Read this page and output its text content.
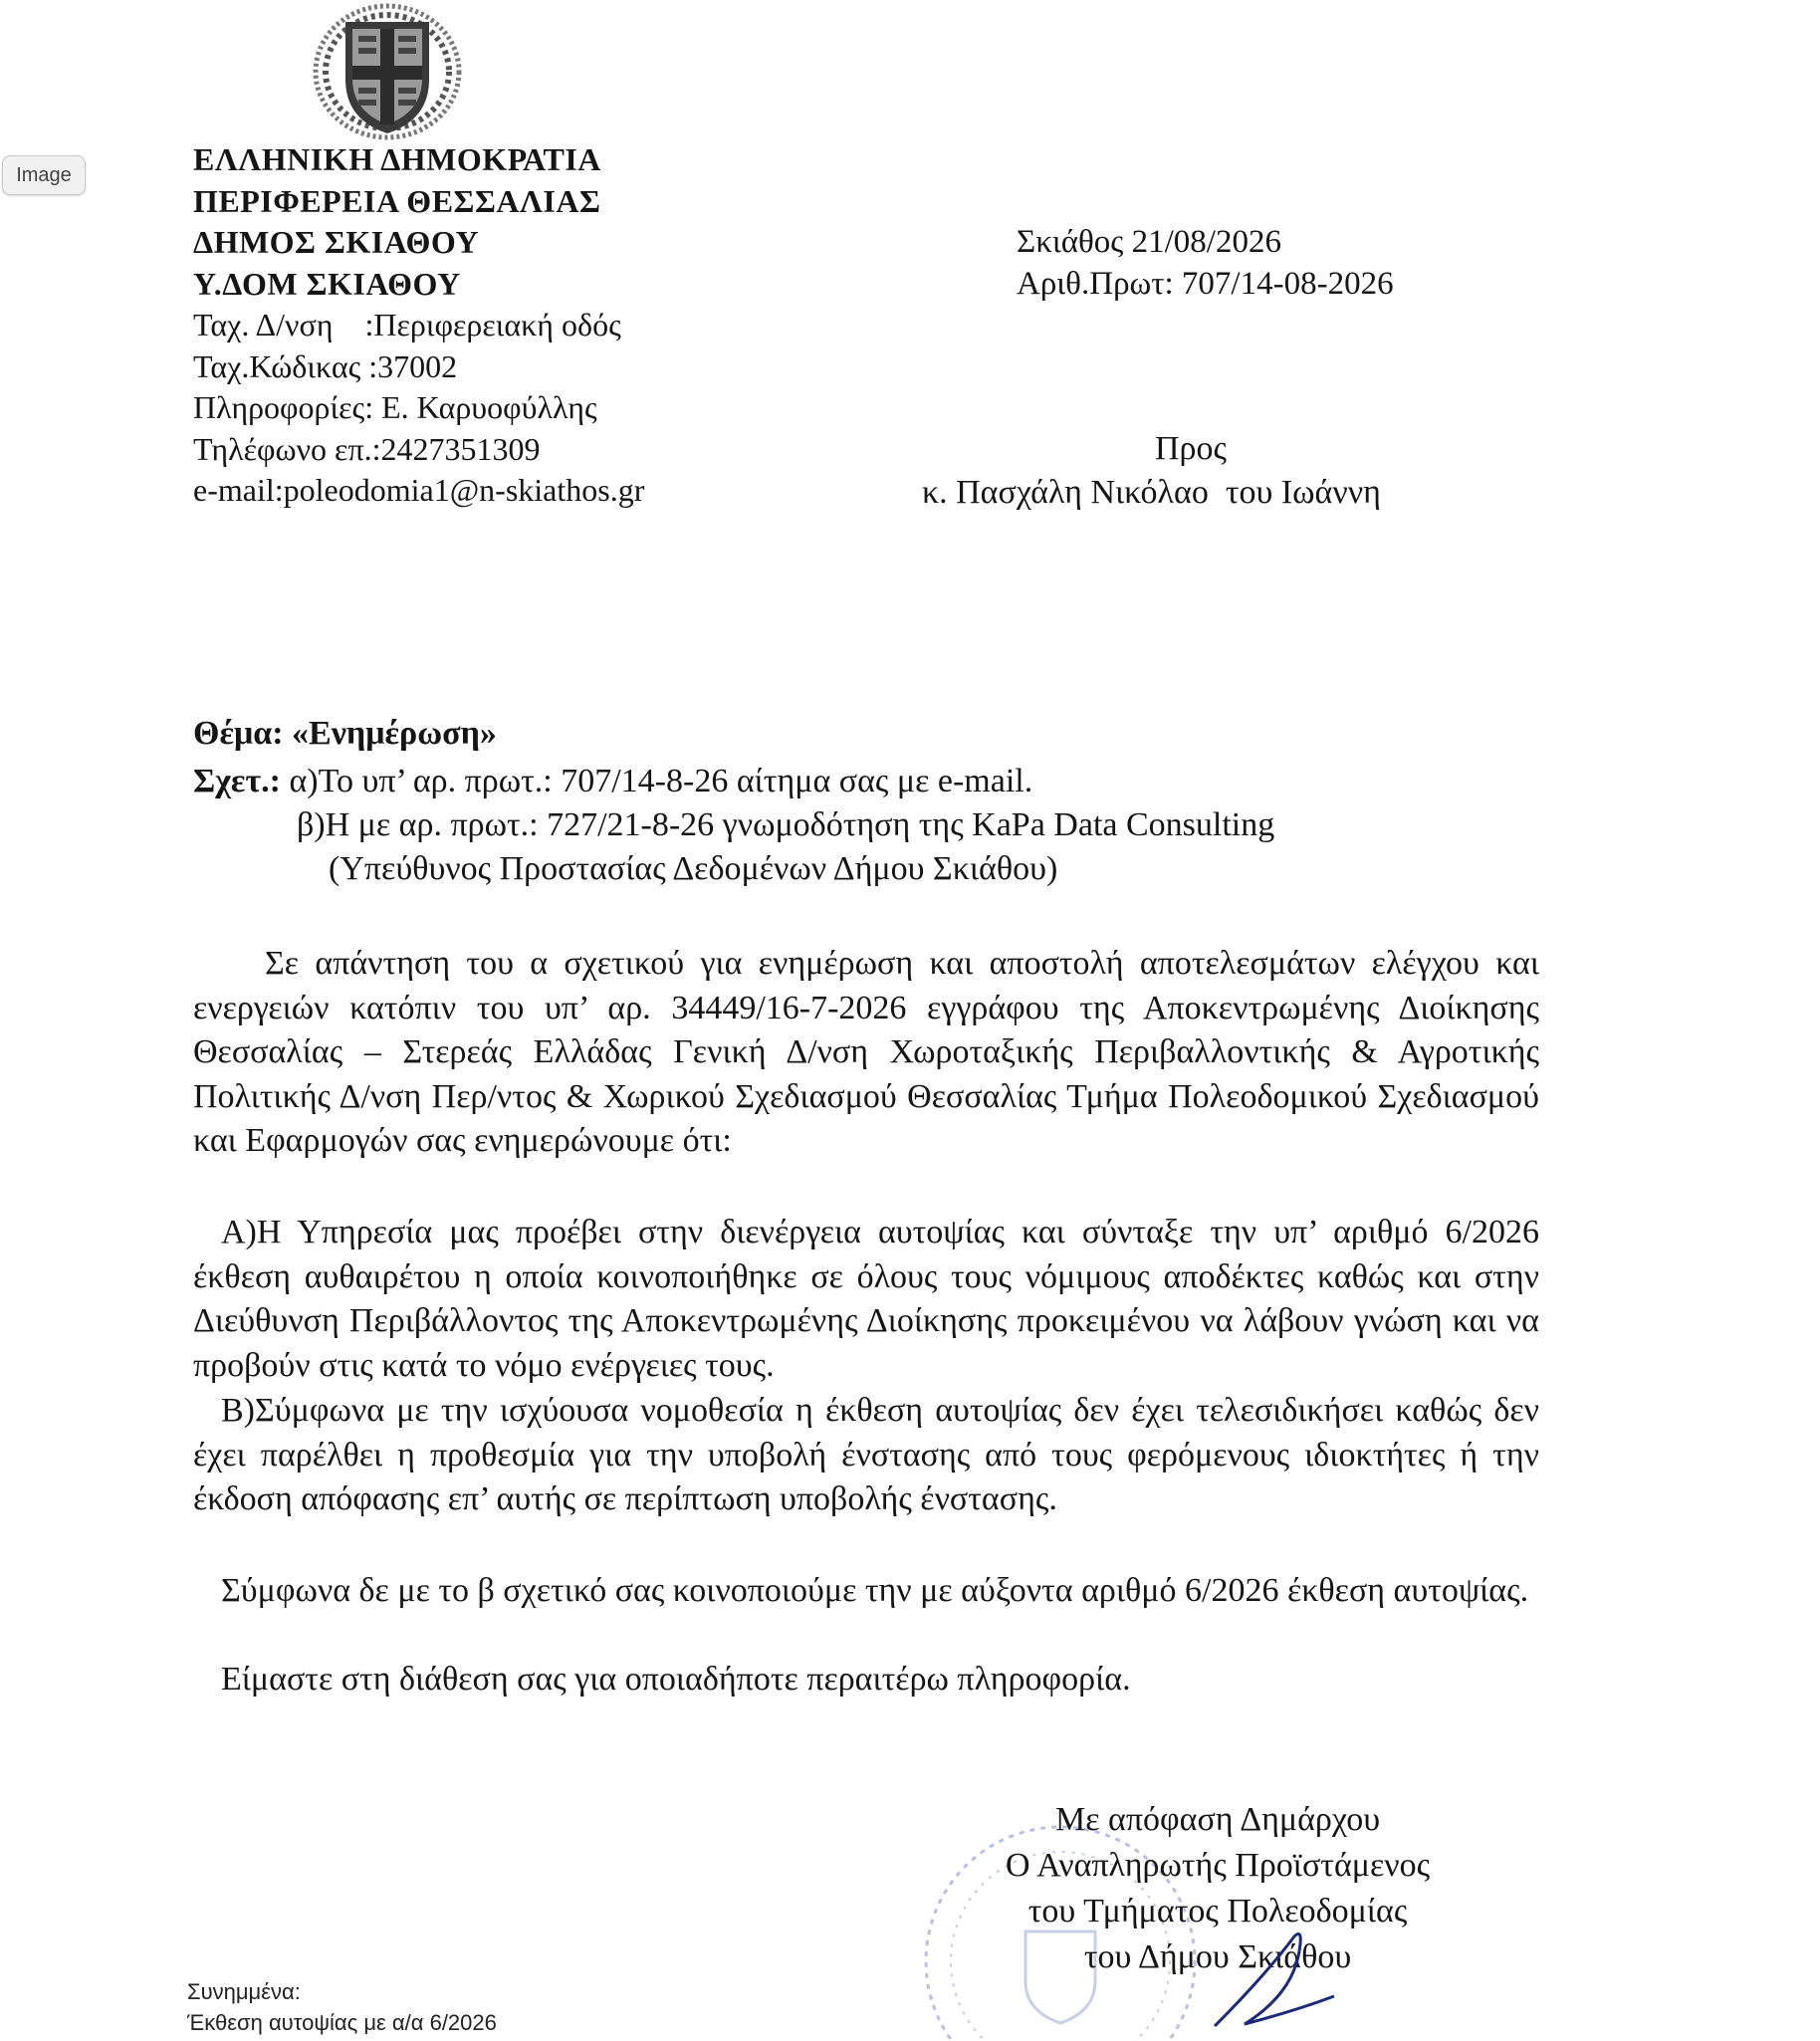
Image	ΕΛΛΗΝΙΚΗ ΔΗΜΟΚΡΑΤΙΑ
ΠΕΡΙΦΕΡΕΙΑ ΘΕΣΣΑΛΙΑΣ
ΔΗΜΟΣ ΣΚΙΑΘΟΥ
Υ.ΔΟΜ ΣΚΙΑΘΟΥ
Ταχ. Δ/νση    :Περιφερειακή οδός
Ταχ.Κώδικας :37002
Πληροφορίες: Ε. Καρυοφύλλης
Τηλέφωνο επ.:2427351309
e-mail:poleodomia1@n-skiathos.gr
Σκιάθος 21/08/2026
Αριθ.Πρωτ: 707/14-08-2026
Προς
κ. Πασχάλη Νικόλαο  του Ιωάννη
Θέμα: «Ενημέρωση»
Σχετ.: α)Το υπ’ αρ. πρωτ.: 707/14-8-26 αίτημα σας με e-mail.
β)Η με αρ. πρωτ.: 727/21-8-26 γνωμοδότηση της KaPa Data Consulting
(Υπεύθυνος Προστασίας Δεδομένων Δήμου Σκιάθου)
Σε απάντηση του α σχετικού για ενημέρωση και αποστολή αποτελεσμάτων ελέγχου και ενεργειών κατόπιν του υπ’ αρ. 34449/16-7-2026 εγγράφου της Αποκεντρωμένης Διοίκησης Θεσσαλίας – Στερεάς Ελλάδας Γενική Δ/νση Χωροταξικής Περιβαλλοντικής & Αγροτικής Πολιτικής Δ/νση Περ/ντος & Χωρικού Σχεδιασμού Θεσσαλίας Τμήμα Πολεοδομικού Σχεδιασμού και Εφαρμογών σας ενημερώνουμε ότι:
Α)Η Υπηρεσία μας προέβει στην διενέργεια αυτοψίας και σύνταξε την υπ’ αριθμό 6/2026 έκθεση αυθαιρέτου η οποία κοινοποιήθηκε σε όλους τους νόμιμους αποδέκτες καθώς και στην Διεύθυνση Περιβάλλοντος της Αποκεντρωμένης Διοίκησης προκειμένου να λάβουν γνώση και να προβούν στις κατά το νόμο ενέργειες τους.
Β)Σύμφωνα με την ισχύουσα νομοθεσία η έκθεση αυτοψίας δεν έχει τελεσιδικήσει καθώς δεν έχει παρέλθει η προθεσμία για την υποβολή ένστασης από τους φερόμενους ιδιοκτήτες ή την έκδοση απόφασης επ’ αυτής σε περίπτωση υποβολής ένστασης.
Σύμφωνα δε με το β σχετικό σας κοινοποιούμε την με αύξοντα αριθμό 6/2026 έκθεση αυτοψίας.
Είμαστε στη διάθεση σας για οποιαδήποτε περαιτέρω πληροφορία.
Με απόφαση Δημάρχου
Ο Αναπληρωτής Προϊστάμενος
του Τμήματος Πολεοδομίας
του Δήμου Σκιάθου
Συνημμένα:
Έκθεση αυτοψίας με α/α 6/2026
